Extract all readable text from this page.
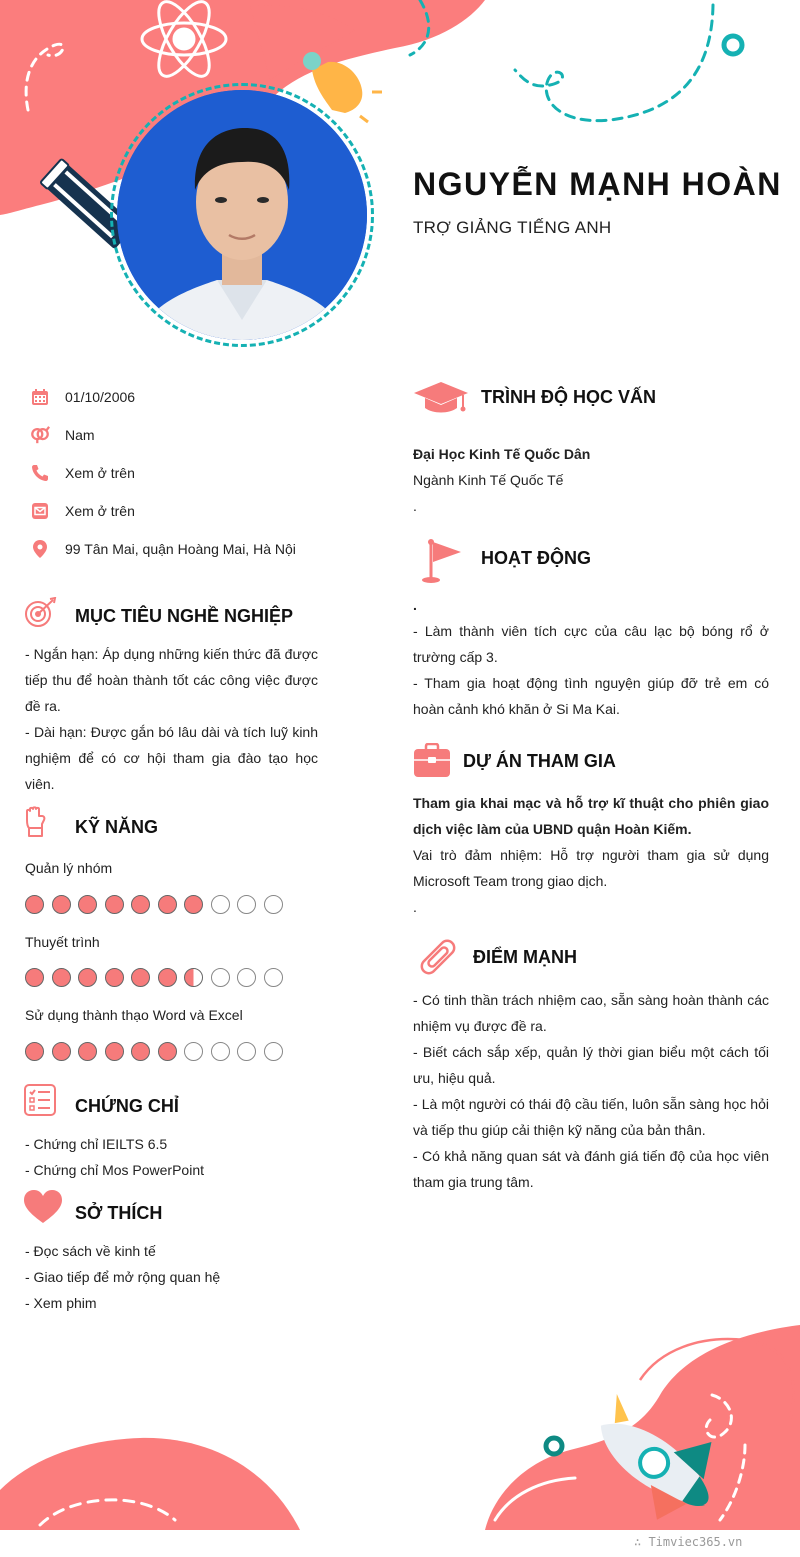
NGUYỄN MẠNH HOÀN
TRỢ GIẢNG TIẾNG ANH
01/10/2006
Nam
Xem ở trên
Xem ở trên
99 Tân Mai, quận Hoàng Mai, Hà Nội
MỤC TIÊU NGHỀ NGHIỆP

- Ngắn hạn: Áp dụng những kiến thức đã được tiếp thu để hoàn thành tốt các công việc được đề ra.

- Dài hạn: Được gắn bó lâu dài và tích luỹ kinh nghiệm để có cơ hội tham gia đào tạo học viên.

KỸ NĂNG
Quản lý nhóm
Thuyết trình
Sử dụng thành thạo Word và Excel
CHỨNG CHỈ
- Chứng chỉ IEILTS 6.5
- Chứng chỉ Mos PowerPoint
SỞ THÍCH
- Đọc sách về kinh tế
- Giao tiếp để mở rộng quan hệ
- Xem phim
TRÌNH ĐỘ HỌC VẤN

Đại Học Kinh Tế Quốc Dân

Ngành Kinh Tế Quốc Tế

.

HOẠT ĐỘNG

.

- Làm thành viên tích cực của câu lạc bộ bóng rổ ở trường cấp 3.

- Tham gia hoạt động tình nguyện giúp đỡ trẻ em có hoàn cảnh khó khăn ở Si Ma Kai.

DỰ ÁN THAM GIA

Tham gia khai mạc và hỗ trợ kĩ thuật cho phiên giao dịch việc làm của UBND quận Hoàn Kiếm.

Vai trò đảm nhiệm: Hỗ trợ người tham gia sử dụng Microsoft Team trong giao dịch.

.

ĐIỂM MẠNH

- Có tinh thần trách nhiệm cao, sẵn sàng hoàn thành các nhiệm vụ được đề ra.

- Biết cách sắp xếp, quản lý thời gian biểu một cách tối ưu, hiệu quả.

- Là một người có thái độ cầu tiến, luôn sẵn sàng học hỏi và tiếp thu giúp cải thiện kỹ năng của bản thân.

- Có khả năng quan sát và đánh giá tiến độ của học viên tham gia trung tâm.

∴ Timviec365.vn
